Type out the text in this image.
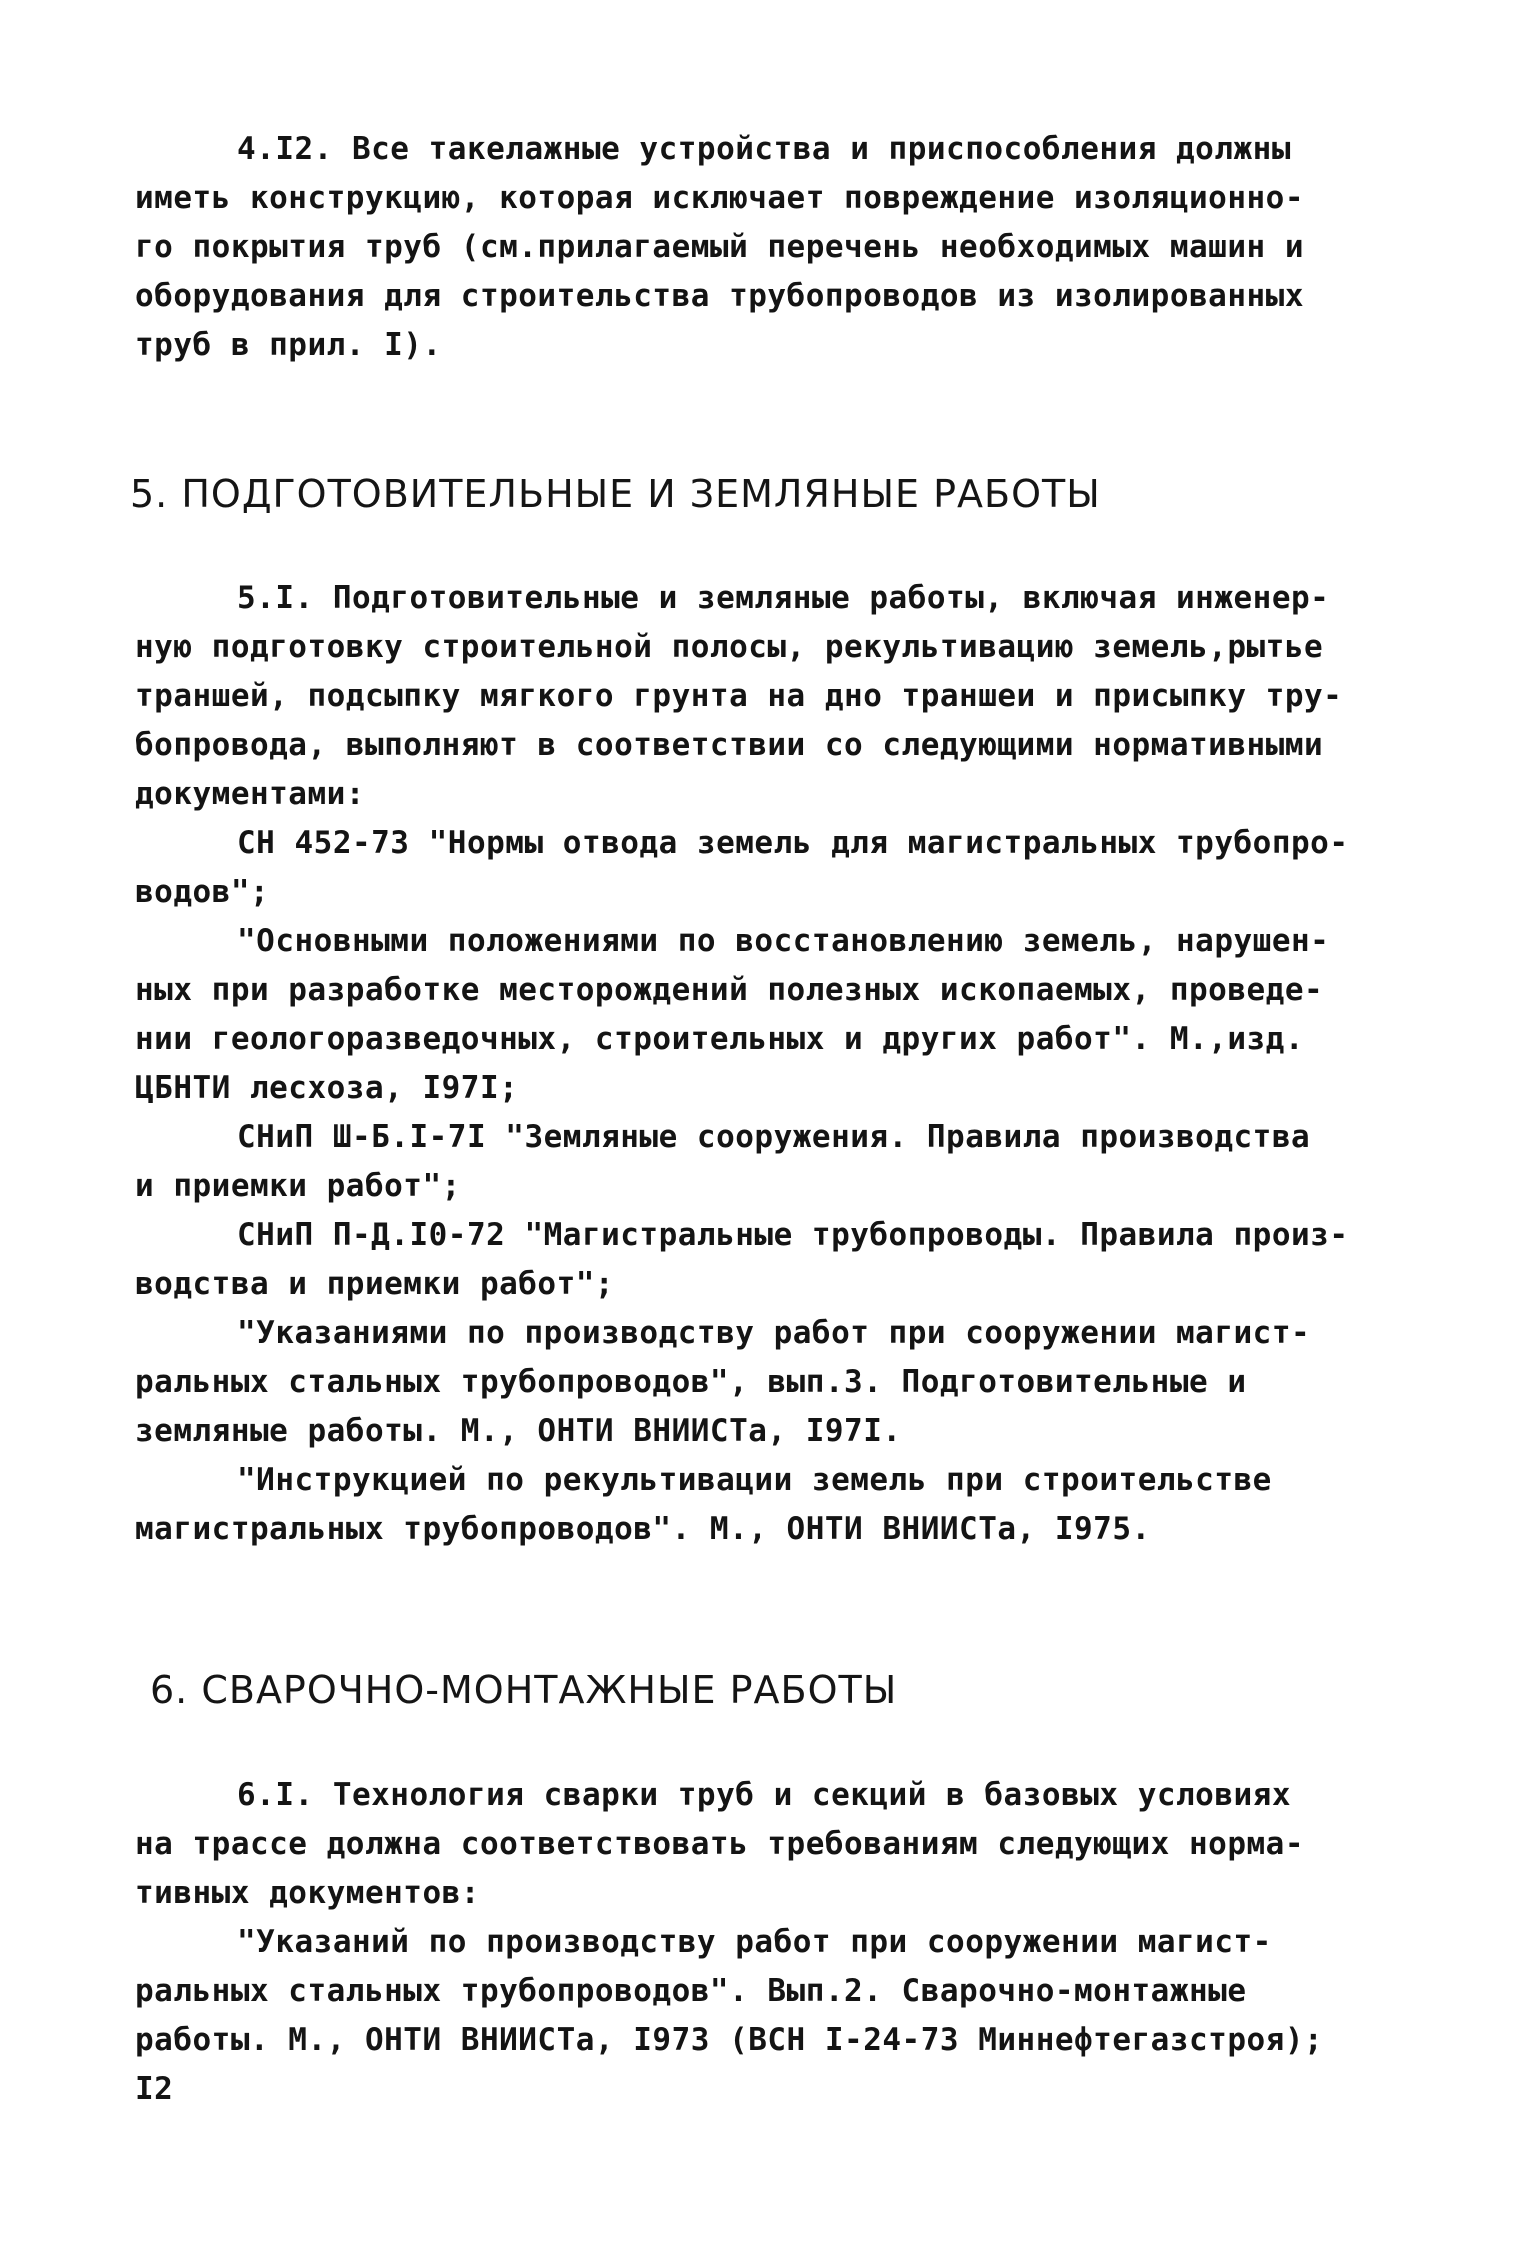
4.I2. Все такелажные устройства и приспособления должны
иметь конструкцию, которая исключает повреждение изоляционно-
го покрытия труб (см.прилагаемый перечень необходимых машин и
оборудования для строительства трубопроводов из изолированных
труб в прил. I).
5. ПОДГОТОВИТЕЛЬНЫЕ И ЗЕМЛЯНЫЕ РАБОТЫ
5.I. Подготовительные и земляные работы, включая инженер-
ную подготовку строительной полосы, рекультивацию земель,рытье
траншей, подсыпку мягкого грунта на дно траншеи и присыпку тру-
бопровода, выполняют в соответствии со следующими нормативными
документами:
СН 452-73 "Нормы отвода земель для магистральных трубопро-
водов";
"Основными положениями по восстановлению земель, нарушен-
ных при разработке месторождений полезных ископаемых, проведе-
нии геологоразведочных, строительных и других работ". М.,изд.
ЦБНТИ лесхоза, I97I;
СНиП Ш-Б.I-7I "Земляные сооружения. Правила производства
и приемки работ";
СНиП П-Д.I0-72 "Магистральные трубопроводы. Правила произ-
водства и приемки работ";
"Указаниями по производству работ при сооружении магист-
ральных стальных трубопроводов", вып.3. Подготовительные и
земляные работы. М., ОНТИ ВНИИСТа, I97I.
"Инструкцией по рекультивации земель при строительстве
магистральных трубопроводов". М., ОНТИ ВНИИСТа, I975.
6. СВАРОЧНО-МОНТАЖНЫЕ РАБОТЫ
6.I. Технология сварки труб и секций в базовых условиях
на трассе должна соответствовать требованиям следующих норма-
тивных документов:
"Указаний по производству работ при сооружении магист-
ральных стальных трубопроводов". Вып.2. Сварочно-монтажные
работы. М., ОНТИ ВНИИСТа, I973 (ВСН I-24-73 Миннефтегазстроя);
I2
